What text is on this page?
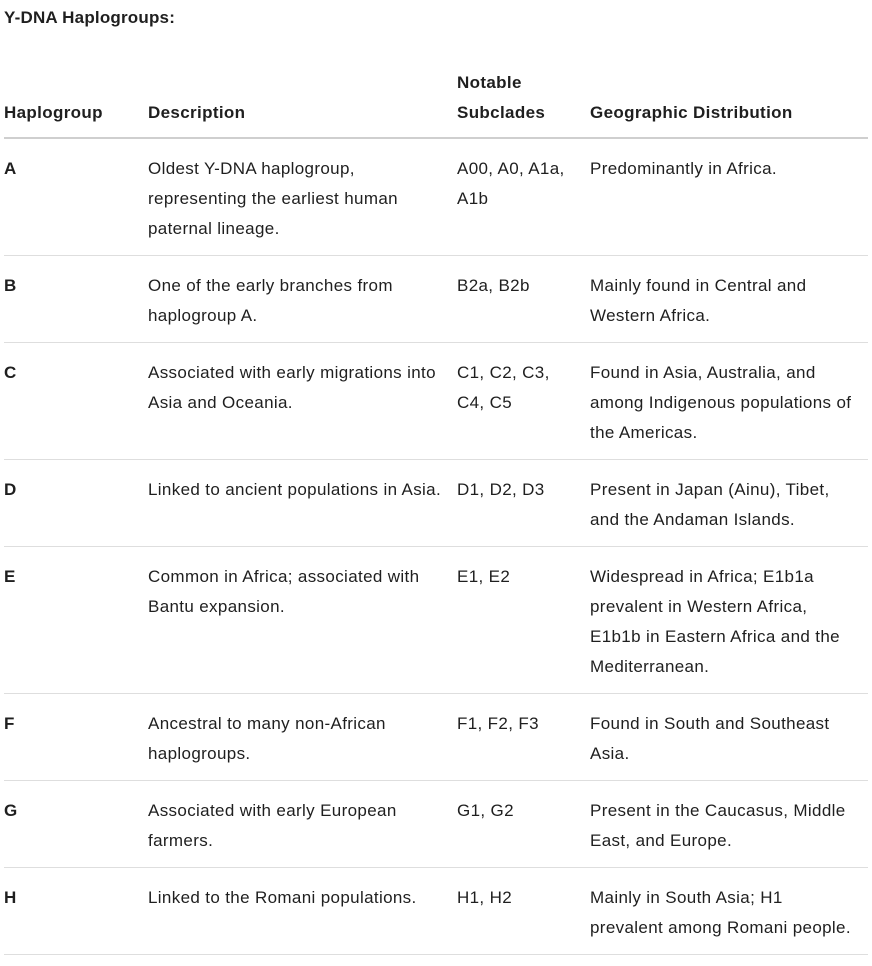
Y-DNA Haplogroups:
Haplogroup	Description	Notable Subclades	Geographic Distribution
A	Oldest Y-DNA haplogroup, representing the earliest human paternal lineage.	A00, A0, A1a, A1b	Predominantly in Africa.
B	One of the early branches from haplogroup A.	B2a, B2b	Mainly found in Central and Western Africa.
C	Associated with early migrations into Asia and Oceania.	C1, C2, C3, C4, C5	Found in Asia, Australia, and among Indigenous populations of the Americas.
D	Linked to ancient populations in Asia.	D1, D2, D3	Present in Japan (Ainu), Tibet, and the Andaman Islands.
E	Common in Africa; associated with Bantu expansion.	E1, E2	Widespread in Africa; E1b1a prevalent in Western Africa, E1b1b in Eastern Africa and the Mediterranean.
F	Ancestral to many non-African haplogroups.	F1, F2, F3	Found in South and Southeast Asia.
G	Associated with early European farmers.	G1, G2	Present in the Caucasus, Middle East, and Europe.
H	Linked to the Romani populations.	H1, H2	Mainly in South Asia; H1 prevalent among Romani people.
